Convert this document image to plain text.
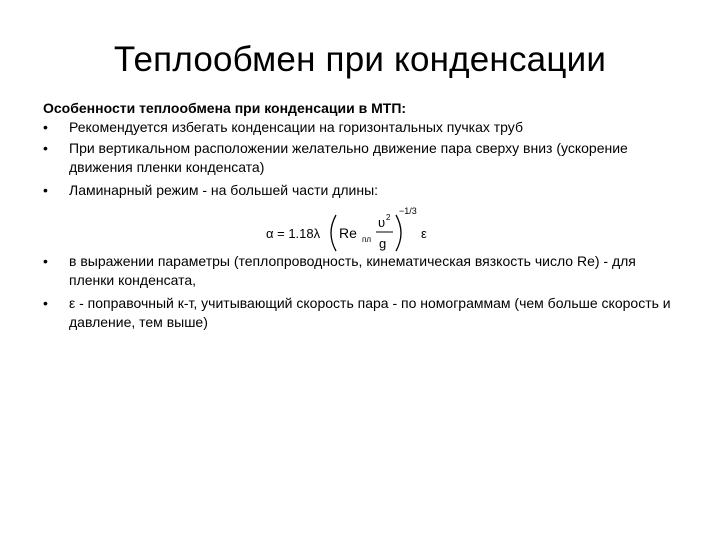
Теплообмен при конденсации
Особенности теплообмена при конденсации в МТП:
•	Рекомендуется избегать конденсации на горизонтальных пучках труб
•	При вертикальном расположении желательно движение пара сверху вниз (ускорение движения пленки конденсата)
•	Ламинарный режим - на большей части длины:
α = 1.18λ Re пл
υ 2
g
−1/3
ε
•	в выражении параметры (теплопроводность, кинематическая вязкость число Re) - для пленки конденсата,
•	ε - поправочный к-т, учитывающий скорость пара - по номограммам (чем больше скорость и давление, тем выше)
